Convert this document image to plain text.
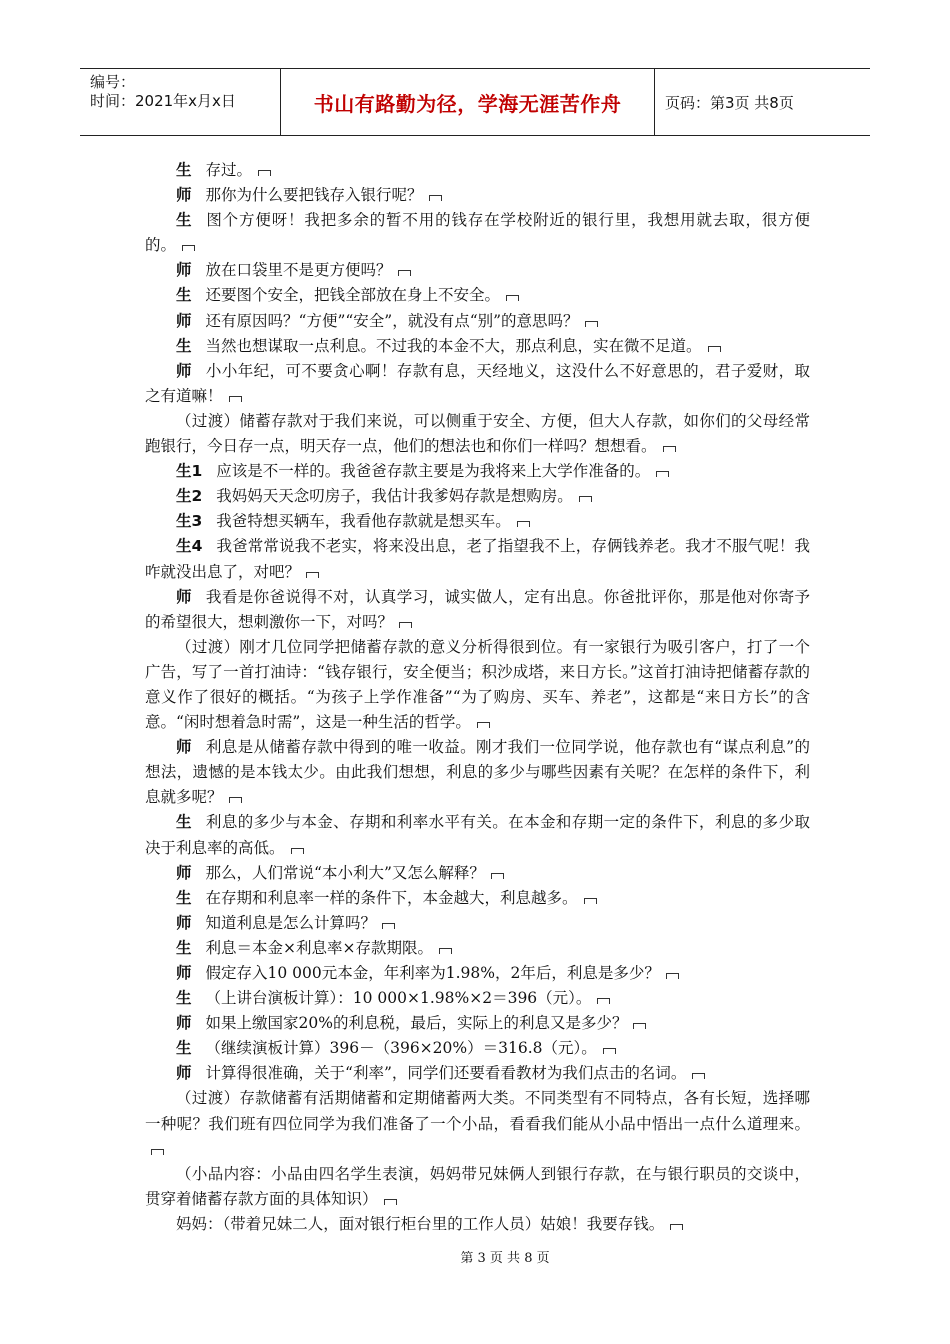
编号：
时间：2021年x月x日	书山有路勤为径，学海无涯苦作舟	页码：第3页 共8页

生 存过。

师 那你为什么要把钱存入银行呢？

生 图个方便呀！我把多余的暂不用的钱存在学校附近的银行里，我想用就去取，很方便的。

师 放在口袋里不是更方便吗？

生 还要图个安全，把钱全部放在身上不安全。

师 还有原因吗？“方便”“安全”，就没有点“别”的意思吗？

生 当然也想谋取一点利息。不过我的本金不大，那点利息，实在微不足道。

师 小小年纪，可不要贪心啊！存款有息，天经地义，这没什么不好意思的，君子爱财，取之有道嘛！

（过渡）储蓄存款对于我们来说，可以侧重于安全、方便，但大人存款，如你们的父母经常跑银行，今日存一点，明天存一点，他们的想法也和你们一样吗？想想看。

生1 应该是不一样的。我爸爸存款主要是为我将来上大学作准备的。

生2 我妈妈天天念叨房子，我估计我爹妈存款是想购房。

生3 我爸特想买辆车，我看他存款就是想买车。

生4 我爸常常说我不老实，将来没出息，老了指望我不上，存俩钱养老。我才不服气呢！我咋就没出息了，对吧？

师 我看是你爸说得不对，认真学习，诚实做人，定有出息。你爸批评你，那是他对你寄予的希望很大，想刺激你一下，对吗？

（过渡）刚才几位同学把储蓄存款的意义分析得很到位。有一家银行为吸引客户，打了一个广告，写了一首打油诗：“钱存银行，安全便当；积沙成塔，来日方长。”这首打油诗把储蓄存款的意义作了很好的概括。“为孩子上学作准备”“为了购房、买车、养老”，这都是“来日方长”的含意。“闲时想着急时需”，这是一种生活的哲学。

师 利息是从储蓄存款中得到的唯一收益。刚才我们一位同学说，他存款也有“谋点利息”的想法，遗憾的是本钱太少。由此我们想想，利息的多少与哪些因素有关呢？在怎样的条件下，利息就多呢？

生 利息的多少与本金、存期和利率水平有关。在本金和存期一定的条件下，利息的多少取决于利息率的高低。

师 那么，人们常说“本小利大”又怎么解释？

生 在存期和利息率一样的条件下，本金越大，利息越多。

师 知道利息是怎么计算吗？

生 利息＝本金×利息率×存款期限。

师 假定存入10 000元本金，年利率为1.98%，2年后，利息是多少？

生 （上讲台演板计算）：10 000×1.98%×2＝396（元）。

师 如果上缴国家20%的利息税，最后，实际上的利息又是多少？

生 （继续演板计算）396－（396×20%）＝316.8（元）。

师 计算得很准确，关于“利率”，同学们还要看看教材为我们点击的名词。

（过渡）存款储蓄有活期储蓄和定期储蓄两大类。不同类型有不同特点，各有长短，选择哪一种呢？我们班有四位同学为我们准备了一个小品，看看我们能从小品中悟出一点什么道理来。

（小品内容：小品由四名学生表演，妈妈带兄妹俩人到银行存款，在与银行职员的交谈中，贯穿着储蓄存款方面的具体知识）

妈妈：（带着兄妹二人，面对银行柜台里的工作人员）姑娘！我要存钱。

第 3 页 共 8 页
